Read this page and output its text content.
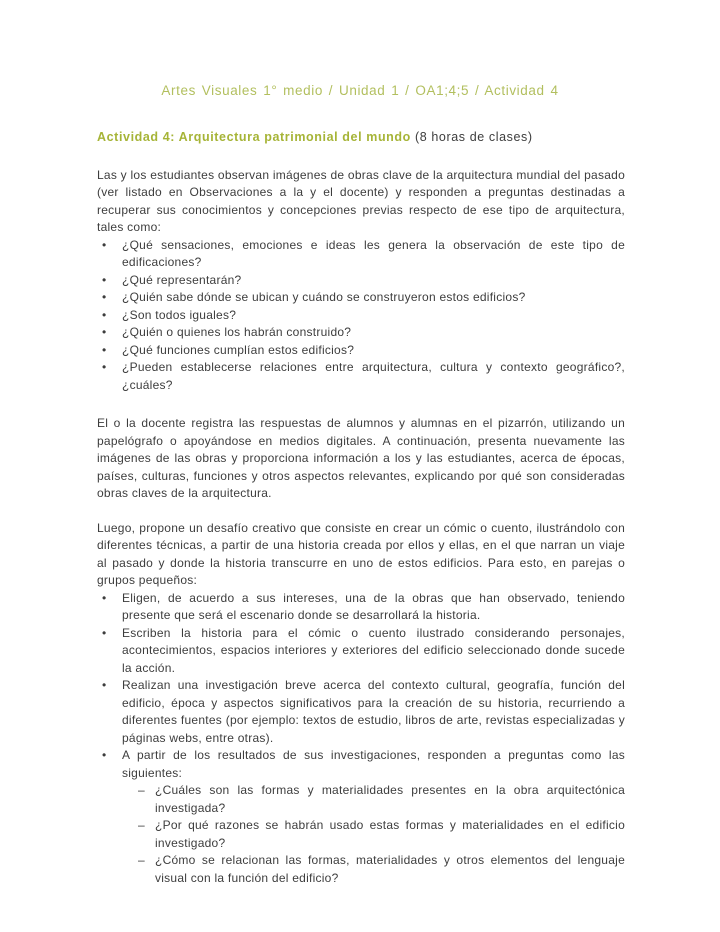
Artes Visuales 1° medio / Unidad 1 / OA1;4;5 / Actividad 4
Actividad 4: Arquitectura patrimonial del mundo (8 horas de clases)

Las y los estudiantes observan imágenes de obras clave de la arquitectura mundial del pasado (ver listado en Observaciones a la y el docente) y responden a preguntas destinadas a recuperar sus conocimientos y concepciones previas respecto de ese tipo de arquitectura, tales como:

• ¿Qué sensaciones, emociones e ideas les genera la observación de este tipo de edificaciones?
• ¿Qué representarán?
• ¿Quién sabe dónde se ubican y cuándo se construyeron estos edificios?
• ¿Son todos iguales?
• ¿Quién o quienes los habrán construido?
• ¿Qué funciones cumplían estos edificios?
• ¿Pueden establecerse relaciones entre arquitectura, cultura y contexto geográfico?, ¿cuáles?

El o la docente registra las respuestas de alumnos y alumnas en el pizarrón, utilizando un papelógrafo o apoyándose en medios digitales. A continuación, presenta nuevamente las imágenes de las obras y proporciona información a los y las estudiantes, acerca de épocas, países, culturas, funciones y otros aspectos relevantes, explicando por qué son consideradas obras claves de la arquitectura.

Luego, propone un desafío creativo que consiste en crear un cómic o cuento, ilustrándolo con diferentes técnicas, a partir de una historia creada por ellos y ellas, en el que narran un viaje al pasado y donde la historia transcurre en uno de estos edificios. Para esto, en parejas o grupos pequeños:

• Eligen, de acuerdo a sus intereses, una de la obras que han observado, teniendo presente que será el escenario donde se desarrollará la historia.
• Escriben la historia para el cómic o cuento ilustrado considerando personajes, acontecimientos, espacios interiores y exteriores del edificio seleccionado donde sucede la acción.
• Realizan una investigación breve acerca del contexto cultural, geografía, función del edificio, época y aspectos significativos para la creación de su historia, recurriendo a diferentes fuentes (por ejemplo: textos de estudio, libros de arte, revistas especializadas y páginas webs, entre otras).
• A partir de los resultados de sus investigaciones, responden a preguntas como las siguientes:
– ¿Cuáles son las formas y materialidades presentes en la obra arquitectónica investigada?
– ¿Por qué razones se habrán usado estas formas y materialidades en el edificio investigado?
– ¿Cómo se relacionan las formas, materialidades y otros elementos del lenguaje visual con la función del edificio?
